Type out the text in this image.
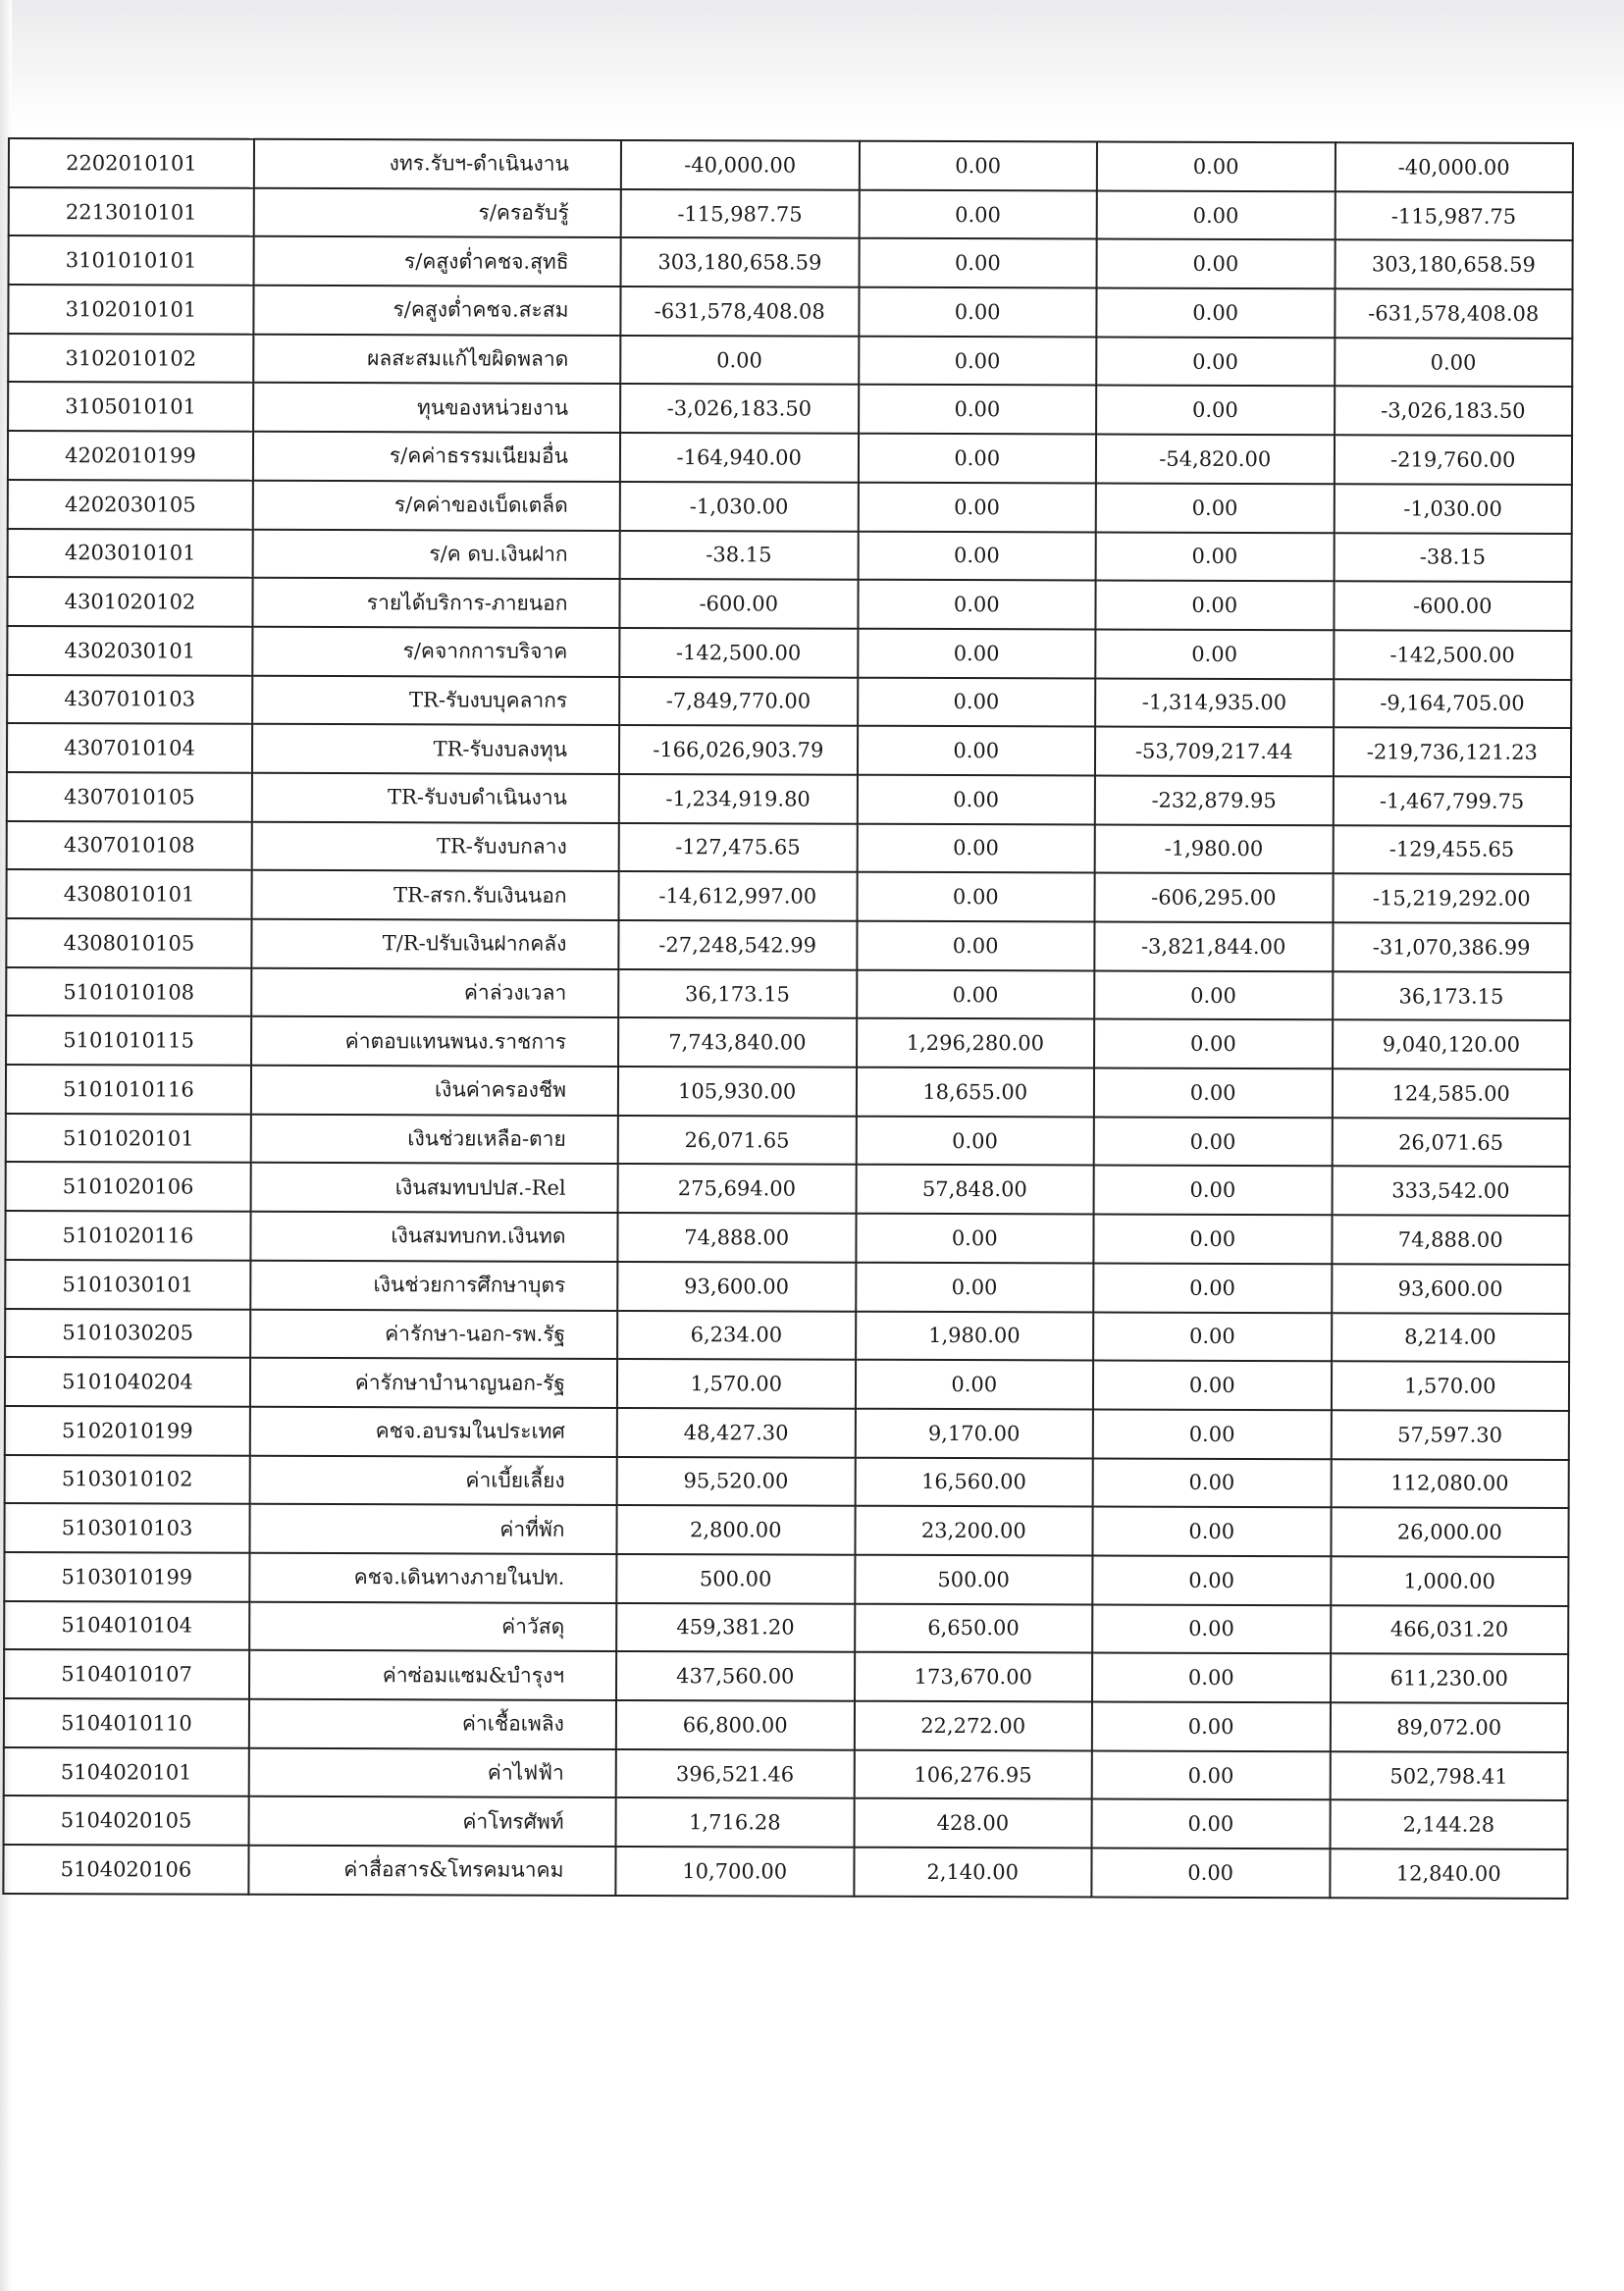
2202010101	งทร.รับฯ-ดำเนินงาน	-40,000.00	0.00	0.00	-40,000.00
2213010101	ร/ครอรับรู้	-115,987.75	0.00	0.00	-115,987.75
3101010101	ร/คสูงต่ำคชจ.สุทธิ	303,180,658.59	0.00	0.00	303,180,658.59
3102010101	ร/คสูงต่ำคชจ.สะสม	-631,578,408.08	0.00	0.00	-631,578,408.08
3102010102	ผลสะสมแก้ไขผิดพลาด	0.00	0.00	0.00	0.00
3105010101	ทุนของหน่วยงาน	-3,026,183.50	0.00	0.00	-3,026,183.50
4202010199	ร/คค่าธรรมเนียมอื่น	-164,940.00	0.00	-54,820.00	-219,760.00
4202030105	ร/คค่าของเบ็ดเตล็ด	-1,030.00	0.00	0.00	-1,030.00
4203010101	ร/ค ดบ.เงินฝาก	-38.15	0.00	0.00	-38.15
4301020102	รายได้บริการ-ภายนอก	-600.00	0.00	0.00	-600.00
4302030101	ร/คจากการบริจาค	-142,500.00	0.00	0.00	-142,500.00
4307010103	TR-รับงบบุคลากร	-7,849,770.00	0.00	-1,314,935.00	-9,164,705.00
4307010104	TR-รับงบลงทุน	-166,026,903.79	0.00	-53,709,217.44	-219,736,121.23
4307010105	TR-รับงบดำเนินงาน	-1,234,919.80	0.00	-232,879.95	-1,467,799.75
4307010108	TR-รับงบกลาง	-127,475.65	0.00	-1,980.00	-129,455.65
4308010101	TR-สรก.รับเงินนอก	-14,612,997.00	0.00	-606,295.00	-15,219,292.00
4308010105	T/R-ปรับเงินฝากคลัง	-27,248,542.99	0.00	-3,821,844.00	-31,070,386.99
5101010108	ค่าล่วงเวลา	36,173.15	0.00	0.00	36,173.15
5101010115	ค่าตอบแทนพนง.ราชการ	7,743,840.00	1,296,280.00	0.00	9,040,120.00
5101010116	เงินค่าครองชีพ	105,930.00	18,655.00	0.00	124,585.00
5101020101	เงินช่วยเหลือ-ตาย	26,071.65	0.00	0.00	26,071.65
5101020106	เงินสมทบปปส.-Rel	275,694.00	57,848.00	0.00	333,542.00
5101020116	เงินสมทบกท.เงินทด	74,888.00	0.00	0.00	74,888.00
5101030101	เงินช่วยการศึกษาบุตร	93,600.00	0.00	0.00	93,600.00
5101030205	ค่ารักษา-นอก-รพ.รัฐ	6,234.00	1,980.00	0.00	8,214.00
5101040204	ค่ารักษาบำนาญนอก-รัฐ	1,570.00	0.00	0.00	1,570.00
5102010199	คชจ.อบรมในประเทศ	48,427.30	9,170.00	0.00	57,597.30
5103010102	ค่าเบี้ยเลี้ยง	95,520.00	16,560.00	0.00	112,080.00
5103010103	ค่าที่พัก	2,800.00	23,200.00	0.00	26,000.00
5103010199	คชจ.เดินทางภายในปท.	500.00	500.00	0.00	1,000.00
5104010104	ค่าวัสดุ	459,381.20	6,650.00	0.00	466,031.20
5104010107	ค่าซ่อมแซม&บำรุงฯ	437,560.00	173,670.00	0.00	611,230.00
5104010110	ค่าเชื้อเพลิง	66,800.00	22,272.00	0.00	89,072.00
5104020101	ค่าไฟฟ้า	396,521.46	106,276.95	0.00	502,798.41
5104020105	ค่าโทรศัพท์	1,716.28	428.00	0.00	2,144.28
5104020106	ค่าสื่อสาร&โทรคมนาคม	10,700.00	2,140.00	0.00	12,840.00
